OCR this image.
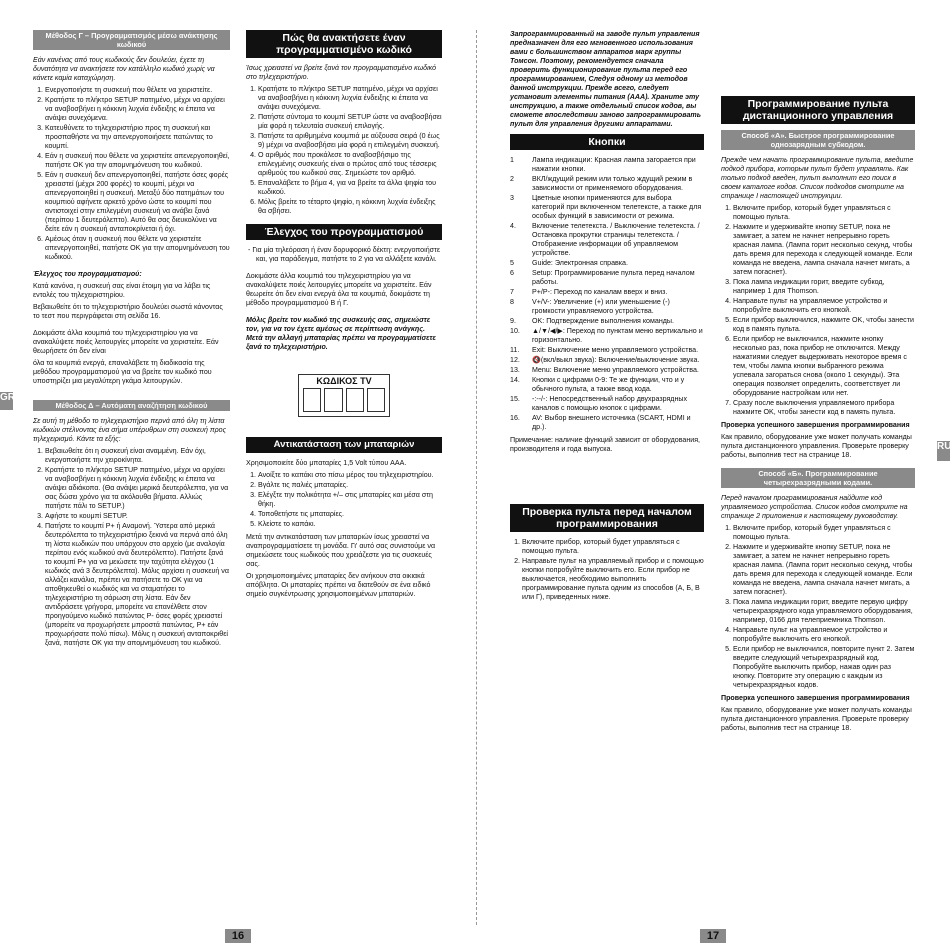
GR
RU
Μέθοδος Γ – Προγραμματισμός μέσω ανάκτησης κωδικού

Εάν κανένας από τους κωδικούς δεν δουλεύει, έχετε τη δυνατότητα να ανακτήσετε τον κατάλληλο κωδικό χωρίς να κάνετε καμία καταχώρηση.

1. Ενεργοποιήστε τη συσκευή που θέλετε να χειριστείτε.
2. Κρατήστε το πλήκτρο SETUP πατημένο, μέχρι να αρχίσει να αναβοσβήνει η κόκκινη λυχνία ένδειξης κι έπειτα να ανάψει συνεχόμενα.
3. Κατευθύνετε το τηλεχειριστήριο προς τη συσκευή και προσπαθήστε να την απενεργοποιήσετε πατώντας το κουμπί.
4. Εάν η συσκευή που θέλετε να χειριστείτε απενεργοποιηθεί, πατήστε OK για την απομνημόνευση του κωδικού.
5. Εάν η συσκευή δεν απενεργοποιηθεί, πατήστε όσες φορές χρειαστεί (μέχρι 200 φορές) το κουμπί, μέχρι να απενεργοποιηθεί η συσκευή. Μεταξύ δύο πατημάτων του κουμπιού αφήνετε αρκετό χρόνο ώστε το κουμπί που αντιστοιχεί στην επιλεγμένη συσκευή να ανάβει ξανά (περίπου 1 δευτερόλεπτο). Αυτό θα σας διευκολύνει να δείτε εάν η συσκευή ανταποκρίνεται ή όχι.
6. Αμέσως όταν η συσκευή που θέλετε να χειριστείτε απενεργοποιηθεί, πατήστε OK για την απομνημόνευση του κωδικού.

Έλεγχος του προγραμματισμού:

Κατά κανόνα, η συσκευή σας είναι έτοιμη για να λάβει τις εντολές του τηλεχειριστηρίου.

Βεβαιωθείτε ότι το τηλεχειριστήριο δουλεύει σωστά κάνοντας το τεστ που περιγράφεται στη σελίδα 16.

Δοκιμάστε άλλα κουμπιά του τηλεχειριστηρίου για να ανακαλύψετε ποιές λειτουργίες μπορείτε να χειριστείτε. Εάν θεωρήσετε ότι δεν είναι

όλα τα κουμπιά ενεργά, επαναλάβετε τη διαδικασία της μεθόδου προγραμματισμού για να βρείτε τον κωδικό που υποστηρίζει μια μεγαλύτερη γκάμα λειτουργιών.

Μέθοδος Δ – Αυτόματη αναζήτηση κωδικού

Σε αυτή τη μέθοδο το τηλεχειριστήριο περνά από όλη τη λίστα κωδικών στέλνοντας ένα σήμα υπέρυθρων στη συσκευή προς τηλεχειρισμό. Κάντε τα εξής:

1. Βεβαιωθείτε ότι η συσκευή είναι αναμμένη. Εάν όχι, ενεργοποιήστε την χειροκίνητα.
2. Κρατήστε το πλήκτρο SETUP πατημένο, μέχρι να αρχίσει να αναβοσβήνει η κόκκινη λυχνία ένδειξης κι έπειτα να ανάψει αδιάκοπα. (Θα ανάψει μερικά δευτερόλεπτα, για να σας δώσει χρόνο για τα ακόλουθα βήματα. Αλλιώς πατήστε πάλι το SETUP.)
3. Αφήστε το κουμπί SETUP.
4. Πατήστε το κουμπί P+ ή Αναμονή. Ύστερα από μερικά δευτερόλεπτα το τηλεχειριστήριο ξεκινά να περνά από όλη τη λίστα κωδικών που υπάρχουν στο αρχείο (με αναλογία περίπου ενός κωδικού ανά δευτερόλεπτο). Πατήστε ξανά το κουμπί P+ για να μειώσετε την ταχύτητα ελέγχου (1 κωδικός ανά 3 δευτερόλεπτα). Μόλις αρχίσει η συσκευή να αλλάζει κανάλια, πρέπει να πατήσετε το OK για να αποθηκευθεί ο κωδικός και να σταματήσει το τηλεχειριστήριο τη σάρωση στη λίστα. Εάν δεν αντιδράσετε γρήγορα, μπορείτε να επανέλθετε στον προηγούμενο κωδικό πατώντας P- όσες φορές χρειαστεί (μπορείτε να προχωρήσετε μπροστά πατώντας, P+ εάν προχωρήσατε πολύ πίσω). Μόλις η συσκευή ανταποκριθεί ξανά, πατήστε OK για την απομνημόνευση του κωδικού.
Πώς θα ανακτήσετε έναν προγραμματισμένο κωδικό

Ίσως χρειαστεί να βρείτε ξανά τον προγραμματισμένο κωδικό στο τηλεχειριστήριο.

1. Κρατήστε το πλήκτρο SETUP πατημένο, μέχρι να αρχίσει να αναβοσβήνει η κόκκινη λυχνία ένδειξης κι έπειτα να ανάψει συνεχόμενα.
2. Πατήστε σύντομα το κουμπί SETUP ώστε να αναβοσβήσει μία φορά η τελευταία συσκευή επιλογής.
3. Πατήστε τα αριθμημένα κουμπιά με αύξουσα σειρά (0 έως 9) μέχρι να αναβοσβήσει μία φορά η επιλεγμένη συσκευή.
4. Ο αριθμός που προκάλεσε το αναβοσβήσιμο της επιλεγμένης συσκευής είναι ο πρώτος από τους τέσσερις αριθμούς του κωδικού σας. Σημειώστε τον αριθμό.
5. Επαναλάβετε το βήμα 4, για να βρείτε τα άλλα ψηφία του κωδικού.
6. Μόλις βρείτε το τέταρτο ψηφίο, η κόκκινη λυχνία ένδειξης θα σβήσει.
Έλεγχος του προγραμματισμού

- Για μία τηλεόραση ή έναν δορυφορικό δέκτη: ενεργοποιήστε και, για παράδειγμα, πατήστε το 2 για να αλλάξετε κανάλι.

Δοκιμάστε άλλα κουμπιά του τηλεχειριστηρίου για να ανακαλύψετε ποιές λειτουργίες μπορείτε να χειριστείτε. Εάν θεωρείτε ότι δεν είναι ενεργά όλα τα κουμπιά, δοκιμάστε τη μέθοδο προγραμματισμού Β ή Γ.

Μόλις βρείτε τον κωδικό της συσκευής σας, σημειώστε τον, για να τον έχετε αμέσως σε περίπτωση ανάγκης. Μετά την αλλαγή μπαταρίας πρέπει να προγραμματίσετε ξανά το τηλεχειριστήριο.

ΚΩΔΙΚΟΣ TV
Αντικατάσταση των μπαταριών

Χρησιμοποιείτε δύο μπαταρίες 1,5 Volt τύπου AAA.

1. Ανοίξτε το καπάκι στο πίσω μέρος του τηλεχειριστηρίου.
2. Βγάλτε τις παλιές μπαταρίες.
3. Ελέγξτε την πολικότητα +/– στις μπαταρίες και μέσα στη θήκη.
4. Τοποθετήστε τις μπαταρίες.
5. Κλείστε το καπάκι.

Μετά την αντικατάσταση των μπαταριών ίσως χρειαστεί να αναπρογραμματίσετε τη μονάδα. Γι' αυτό σας συνιστούμε να σημειώσετε τους κωδικούς που χρειάζεστε για τις συσκευές σας.

Οι χρησιμοποιημένες μπαταρίες δεν ανήκουν στα οικιακά απόβλητα. Οι μπαταρίες πρέπει να διατεθούν σε ένα ειδικό σημείο συγκέντρωσης χρησιμοποιημένων μπαταριών.

Запрограммированный на заводе пульт управления предназначен для его мгновенного использования вами с большинством аппаратов марк группы Томсон. Поэтому, рекомендуется сначала проверить функционирование пульта перед его программированием, Следуя одному из методов данной инструкции. Прежде всего, следует установит элементы питания (AAA). Храните эту инструкцию, а также отдельный список кодов, вы сможете впоследствии заново запрограммировать пульт для управления другими аппаратами.

Кнопки
1	Лампа индикации: Красная лампа загорается при нажатии кнопки.
2	ВКЛ/ждущий режим или только ждущий режим в зависимости от применяемого оборудования.
3	Цветные кнопки применяются для выбора категорий при включенном телетексте, а также для особых функций в зависимости от режима.
4.	Включение телетекста. / Выключение телетекста. / Остановка прокрутки страницы телетекста. / Отображение информации об управляемом устройстве.
5	Guide: Электронная справка.
6	Setup: Программирование пульта перед началом работы.
7	P+/P-: Переход по каналам вверх и вниз.
8	V+/V-: Увеличение (+) или уменьшение (-) громкости управляемого устройства.
9.	OK: Подтверждение выполнения команды.
10.	▲/▼/◀/▶: Переход по пунктам меню вертикально и горизонтально.
11.	Exit: Выключение меню управляемого устройства.
12.	🔇(вкл/выкл звука): Включение/выключение звука.
13.	Menu: Включение меню управляемого устройства.
14.	Кнопки с цифрами 0-9: Те же функции, что и у обычного пульта, а также ввод кода.
15.	-:--/-: Непосредственный набор двухразрядных каналов с помощью кнопок с цифрами.
16.	AV: Выбор внешнего источника (SCART, HDMI и др.).

Примечание: наличие функций зависит от оборудования, производителя и года выпуска.

Проверка пульта перед началом программирования
1. Включите прибор, который будет управляться с помощью пульта.
2. Направьте пульт на управляемый прибор и с помощью кнопки попробуйте выключить его. Если прибор не выключается, необходимо выполнить программирование пульта одним из способов (А, Б, В или Г), приведенных ниже.
Программирование пульта дистанционного управления
Способ «А». Быстрое программирование однозарядным субкодом.

Прежде чем начать программирование пульта, введите подкод прибора, которым пульт будет управлять. Как только подкод введен, пульт выполнит его поиск в своем каталоге кодов. Список подкодов смотрите на странице I настоящей инструкции.

1. Включите прибор, который будет управляться с помощью пульта.
2. Нажмите и удерживайте кнопку SETUP, пока не замигает, а затем не начнет непрерывно гореть красная лампа. (Лампа горит несколько секунд, чтобы дать время для перехода к следующей команде. Если команда не введена, лампа сначала начнет мигать, а затем погаснет).
3. Пока лампа индикации горит, введите субкод, например 1 для Thomson.
4. Направьте пульт на управляемое устройство и попробуйте выключить его кнопкой.
5. Если прибор выключился, нажмите OK, чтобы занести код в память пульта.
6. Если прибор не выключился, нажмите кнопку несколько раз, пока прибор не отключится. Между нажатиями следует выдерживать некоторое время с тем, чтобы лампа кнопки выбранного режима успевала загораться снова (около 1 секунды). Эта операция позволяет определить, соответствует ли оборудование настройкам или нет.
7. Сразу после выключения управляемого прибора нажмите OK, чтобы занести код в память пульта.

Проверка успешного завершения программирования

Как правило, оборудование уже может получать команды пульта дистанционного управления. Проверьте проверку работы, выполнив тест на странице 18.

Способ «Б». Программирование четырехразрядными кодами.

Перед началом программирования найдите код управляемого устройства. Список кодов смотрите на странице 2 приложения к настоящему руководству.

1. Включите прибор, который будет управляться с помощью пульта.
2. Нажмите и удерживайте кнопку SETUP, пока не замигает, а затем не начнет непрерывно гореть красная лампа. (Лампа горит несколько секунд, чтобы дать время для перехода к следующей команде. Если команда не введена, лампа сначала начнет мигать, а затем погаснет).
3. Пока лампа индикации горит, введите первую цифру четырехразрядного кода управляемого оборудования, например, 0166 для телеприемника Thomson.
4. Направьте пульт на управляемое устройство и попробуйте выключить его кнопкой.
5. Если прибор не выключился, повторите пункт 2. Затем введите следующий четырехразрядный код. Попробуйте выключить прибор, нажав один раз кнопку. Повторите эту операцию с каждым из четырехразрядных кодов.

Проверка успешного завершения программирования

Как правило, оборудование уже может получать команды пульта дистанционного управления. Проверьте проверку работы, выполнив тест на странице 18.

16	17
